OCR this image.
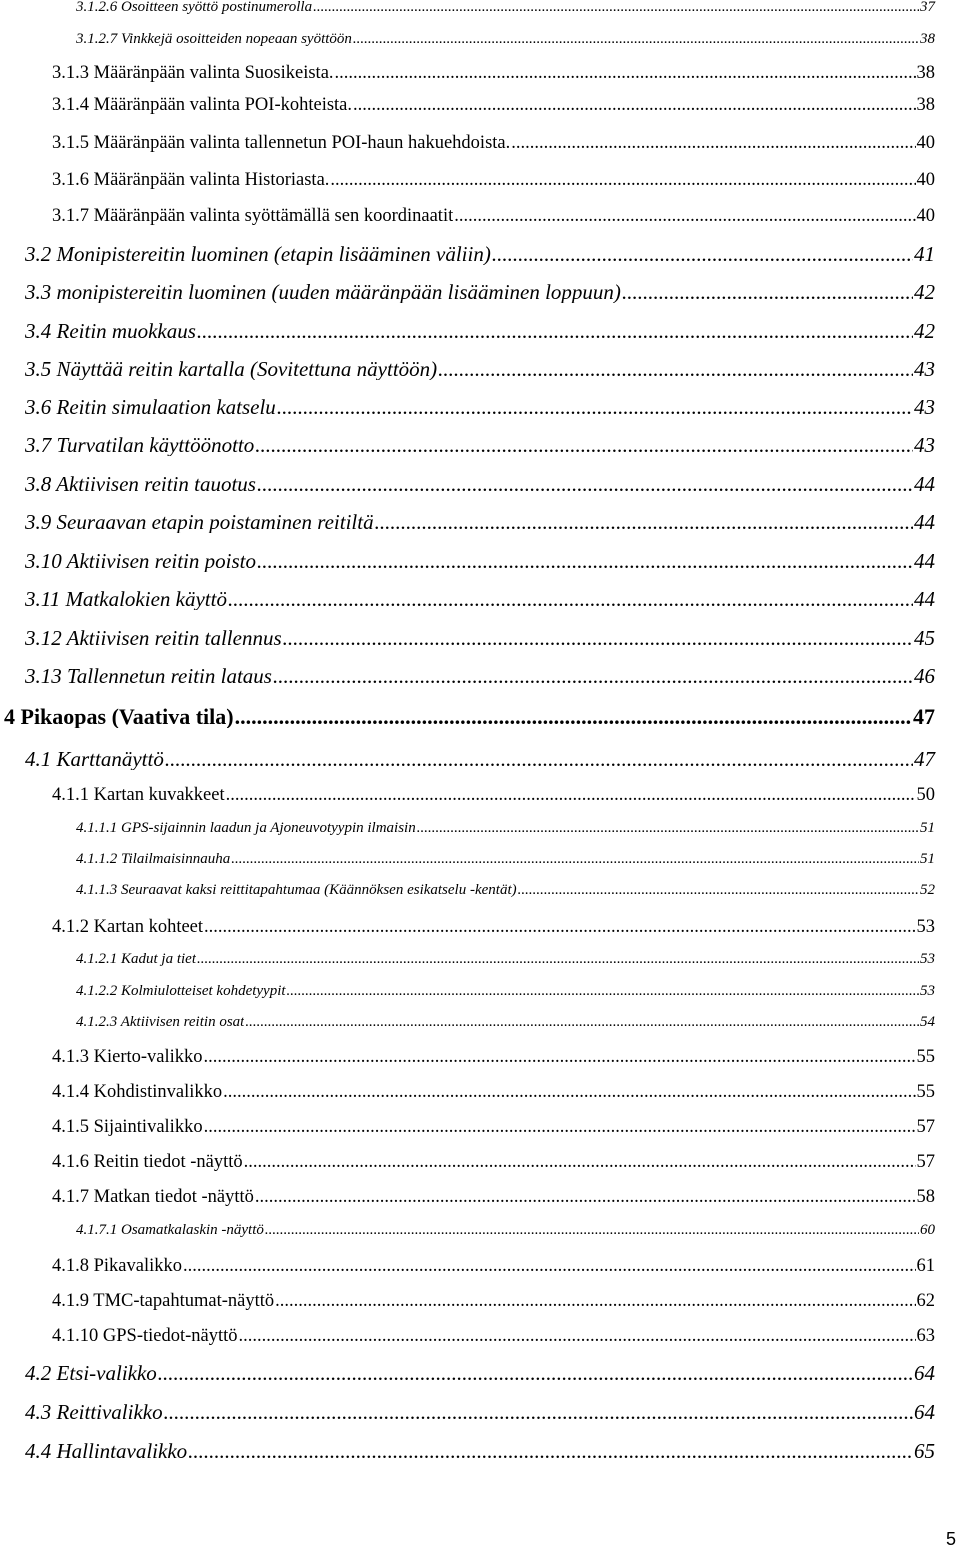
3.1.2.6 Osoitteen syöttö postinumerolla .....	37
3.1.2.7 Vinkkejä osoitteiden nopeaan syöttöön .....	38
3.1.3 Määränpään valinta Suosikeista. .....	38
3.1.4 Määränpään valinta POI-kohteista. .....	38
3.1.5 Määränpään valinta tallennetun POI-haun hakuehdoista. .....	40
3.1.6 Määränpään valinta Historiasta. .....	40
3.1.7 Määränpään valinta syöttämällä sen koordinaatit .....	40
3.2 Monipistereitin luominen (etapin lisääminen väliin) .....	41
3.3 monipistereitin luominen (uuden määränpään lisääminen loppuun) .....	42
3.4 Reitin muokkaus .....	42
3.5 Näyttää reitin kartalla (Sovitettuna näyttöön) .....	43
3.6 Reitin simulaation katselu .....	43
3.7 Turvatilan käyttöönotto .....	43
3.8 Aktiivisen reitin tauotus .....	44
3.9 Seuraavan etapin poistaminen reitiltä .....	44
3.10 Aktiivisen reitin poisto .....	44
3.11 Matkalokien käyttö .....	44
3.12 Aktiivisen reitin tallennus .....	45
3.13 Tallennetun reitin lataus .....	46
4 Pikaopas (Vaativa tila) .....	47
4.1 Karttanäyttö .....	47
4.1.1 Kartan kuvakkeet .....	50
4.1.1.1 GPS-sijainnin laadun ja Ajoneuvotyypin ilmaisin .....	51
4.1.1.2 Tilailmaisinnauha .....	51
4.1.1.3 Seuraavat kaksi reittitapahtumaa (Käännöksen esikatselu -kentät) .....	52
4.1.2 Kartan kohteet .....	53
4.1.2.1 Kadut ja tiet .....	53
4.1.2.2 Kolmiulotteiset kohdetyypit .....	53
4.1.2.3 Aktiivisen reitin osat .....	54
4.1.3 Kierto-valikko .....	55
4.1.4 Kohdistinvalikko .....	55
4.1.5 Sijaintivalikko .....	57
4.1.6 Reitin tiedot -näyttö .....	57
4.1.7 Matkan tiedot -näyttö .....	58
4.1.7.1 Osamatkalaskin -näyttö .....	60
4.1.8 Pikavalikko .....	61
4.1.9 TMC-tapahtumat-näyttö .....	62
4.1.10 GPS-tiedot-näyttö .....	63
4.2 Etsi-valikko .....	64
4.3 Reittivalikko .....	64
4.4 Hallintavalikko .....	65
5
